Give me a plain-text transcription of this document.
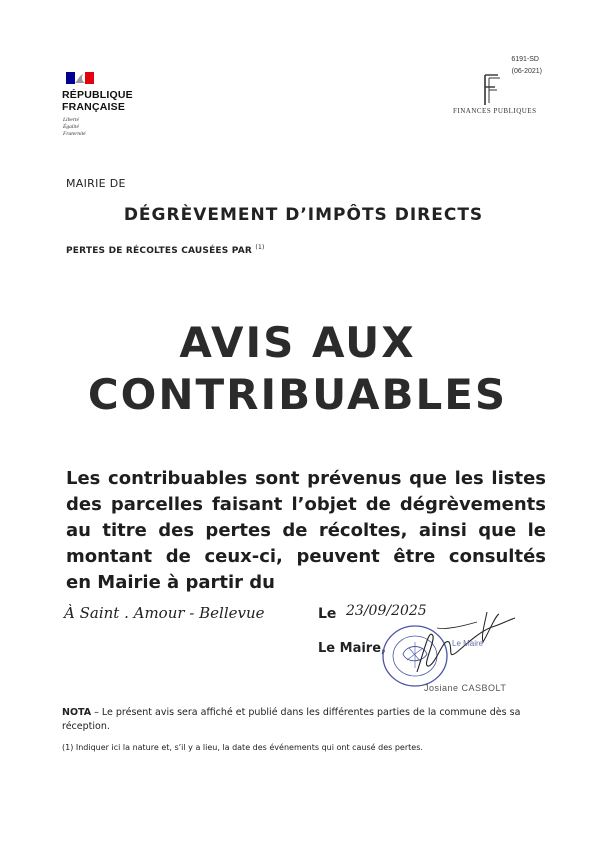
RÉPUBLIQUE
FRANÇAISE
Liberté
Égalité
Fraternité
6191-SD
(06-2021)
FINANCES PUBLIQUES
MAIRIE DE
DÉGRÈVEMENT D’IMPÔTS DIRECTS
PERTES DE RÉCOLTES CAUSÉES PAR $^{(1)}$
AVIS AUX
CONTRIBUABLES
Les contribuables sont prévenus que les listes
des parcelles faisant l’objet de dégrèvements
au titre des pertes de récoltes, ainsi que le
montant de ceux-ci, peuvent être consultés
en Mairie à partir du
À Saint . Amour - Bellevue	Le 23/09/2025
Le Maire,	Le Maire
Josiane CASBOLT
NOTA – Le présent avis sera affiché et publié dans les différentes parties de la commune dès sa réception.
(1) Indiquer ici la nature et, s’il y a lieu, la date des événements qui ont causé des pertes.
